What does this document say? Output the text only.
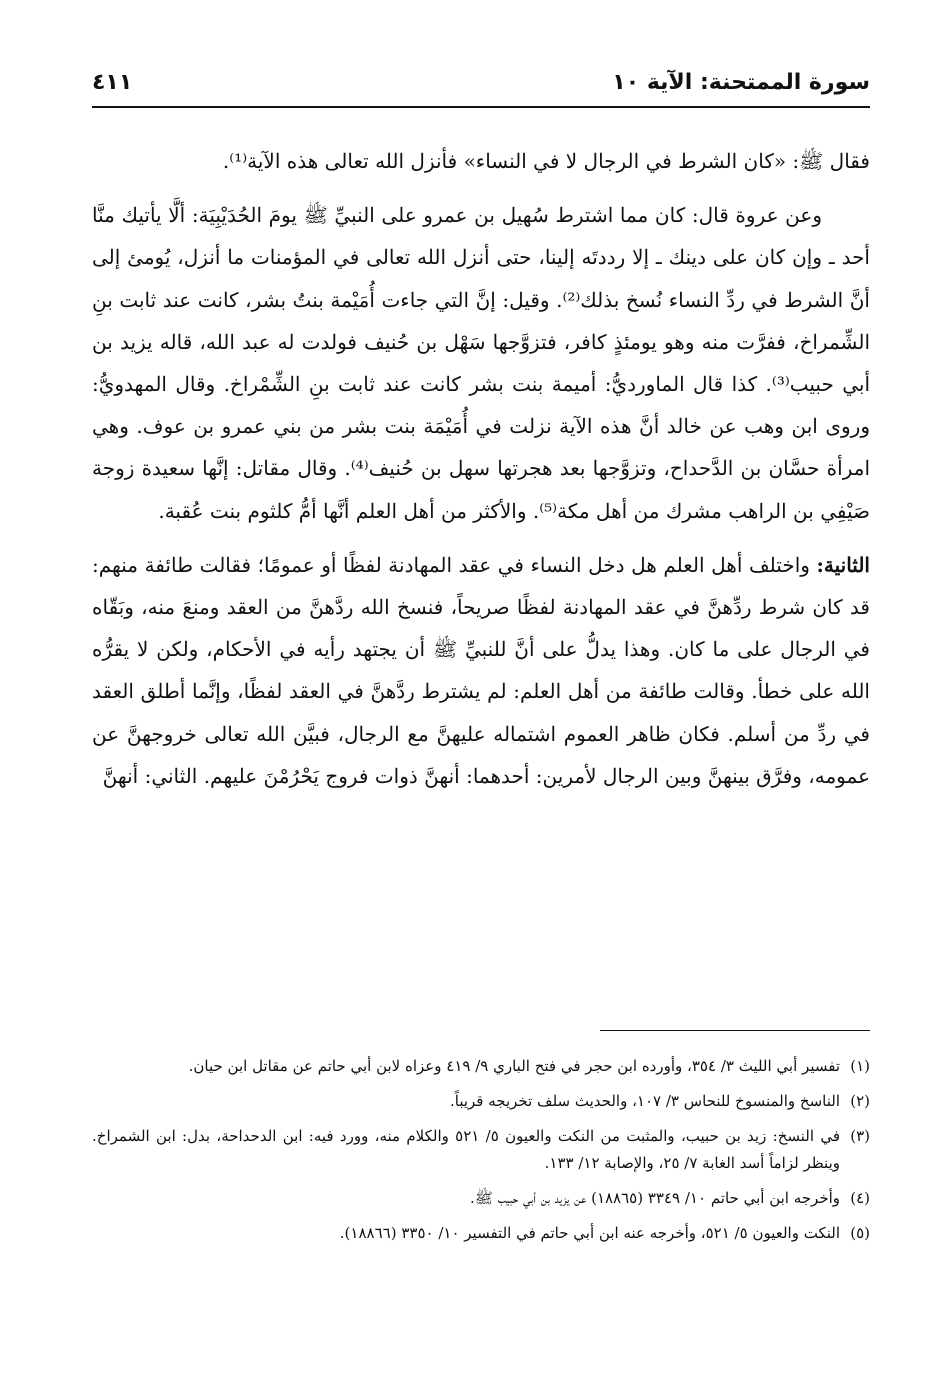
سورة الممتحنة: الآية ١٠
٤١١

فقال ﷺ: «كان الشرط في الرجال لا في النساء» فأنزل الله تعالى هذه الآية⁽¹⁾.

وعن عروة قال: كان مما اشترط سُهيل بن عمرو على النبيِّ ﷺ يومَ الحُدَيْبِيَة: ألَّا يأتيك منَّا أحد ـ وإن كان على دينك ـ إلا رددتَه إلينا، حتى أنزل الله تعالى في المؤمنات ما أنزل، يُومئ إلى أنَّ الشرط في ردِّ النساء نُسخ بذلك⁽²⁾. وقيل: إنَّ التي جاءت أُمَيْمة بنتُ بشر، كانت عند ثابت بنِ الشِّمراخ، ففرَّت منه وهو يومئذٍ كافر، فتزوَّجها سَهْل بن حُنيف فولدت له عبد الله، قاله يزيد بن أبي حبيب⁽³⁾. كذا قال الماورديُّ: أميمة بنت بشر كانت عند ثابت بنِ الشِّمْراخ. وقال المهدويُّ: وروى ابن وهب عن خالد أنَّ هذه الآية نزلت في أُمَيْمَة بنت بشر من بني عمرو بن عوف. وهي امرأة حسَّان بن الدَّحداح، وتزوَّجها بعد هجرتها سهل بن حُنيف⁽⁴⁾. وقال مقاتل: إنَّها سعيدة زوجة صَيْفِي بن الراهب مشرك من أهل مكة⁽⁵⁾. والأكثر من أهل العلم أنَّها أمُّ كلثوم بنت عُقبة.

الثانية: واختلف أهل العلم هل دخل النساء في عقد المهادنة لفظًا أو عمومًا؛ فقالت طائفة منهم: قد كان شرط ردِّهنَّ في عقد المهادنة لفظًا صريحاً، فنسخ الله ردَّهنَّ من العقد ومنعَ منه، وبَقّاه في الرجال على ما كان. وهذا يدلُّ على أنَّ للنبيِّ ﷺ أن يجتهد رأيه في الأحكام، ولكن لا يقرُّه الله على خطأ. وقالت طائفة من أهل العلم: لم يشترط ردَّهنَّ في العقد لفظًا، وإنَّما أطلق العقد في ردِّ من أسلم. فكان ظاهر العموم اشتماله عليهنَّ مع الرجال، فبيَّن الله تعالى خروجهنَّ عن عمومه، وفرَّق بينهنَّ وبين الرجال لأمرين: أحدهما: أنهنَّ ذوات فروج يَحْرُمْنَ عليهم. الثاني: أنهنَّ

(١)
تفسير أبي الليث ٣/ ٣٥٤، وأورده ابن حجر في فتح الباري ٩/ ٤١٩ وعزاه لابن أبي حاتم عن مقاتل ابن حيان.

(٢)
الناسخ والمنسوخ للنحاس ٣/ ١٠٧، والحديث سلف تخريجه قريباً.

(٣)
في النسخ: زيد بن حبيب، والمثبت من النكت والعيون ٥/ ٥٢١ والكلام منه، وورد فيه: ابن الدحداحة، بدل: ابن الشمراخ. وينظر لزاماً أسد الغابة ٧/ ٢٥، والإصابة ١٢/ ١٣٣.

(٤)
وأخرجه ابن أبي حاتم ١٠/ ٣٣٤٩ (١٨٨٦٥) عن يزيد بن أبي حبيب ﷺ.

(٥)
النكت والعيون ٥/ ٥٢١، وأخرجه عنه ابن أبي حاتم في التفسير ١٠/ ٣٣٥٠ (١٨٨٦٦).
